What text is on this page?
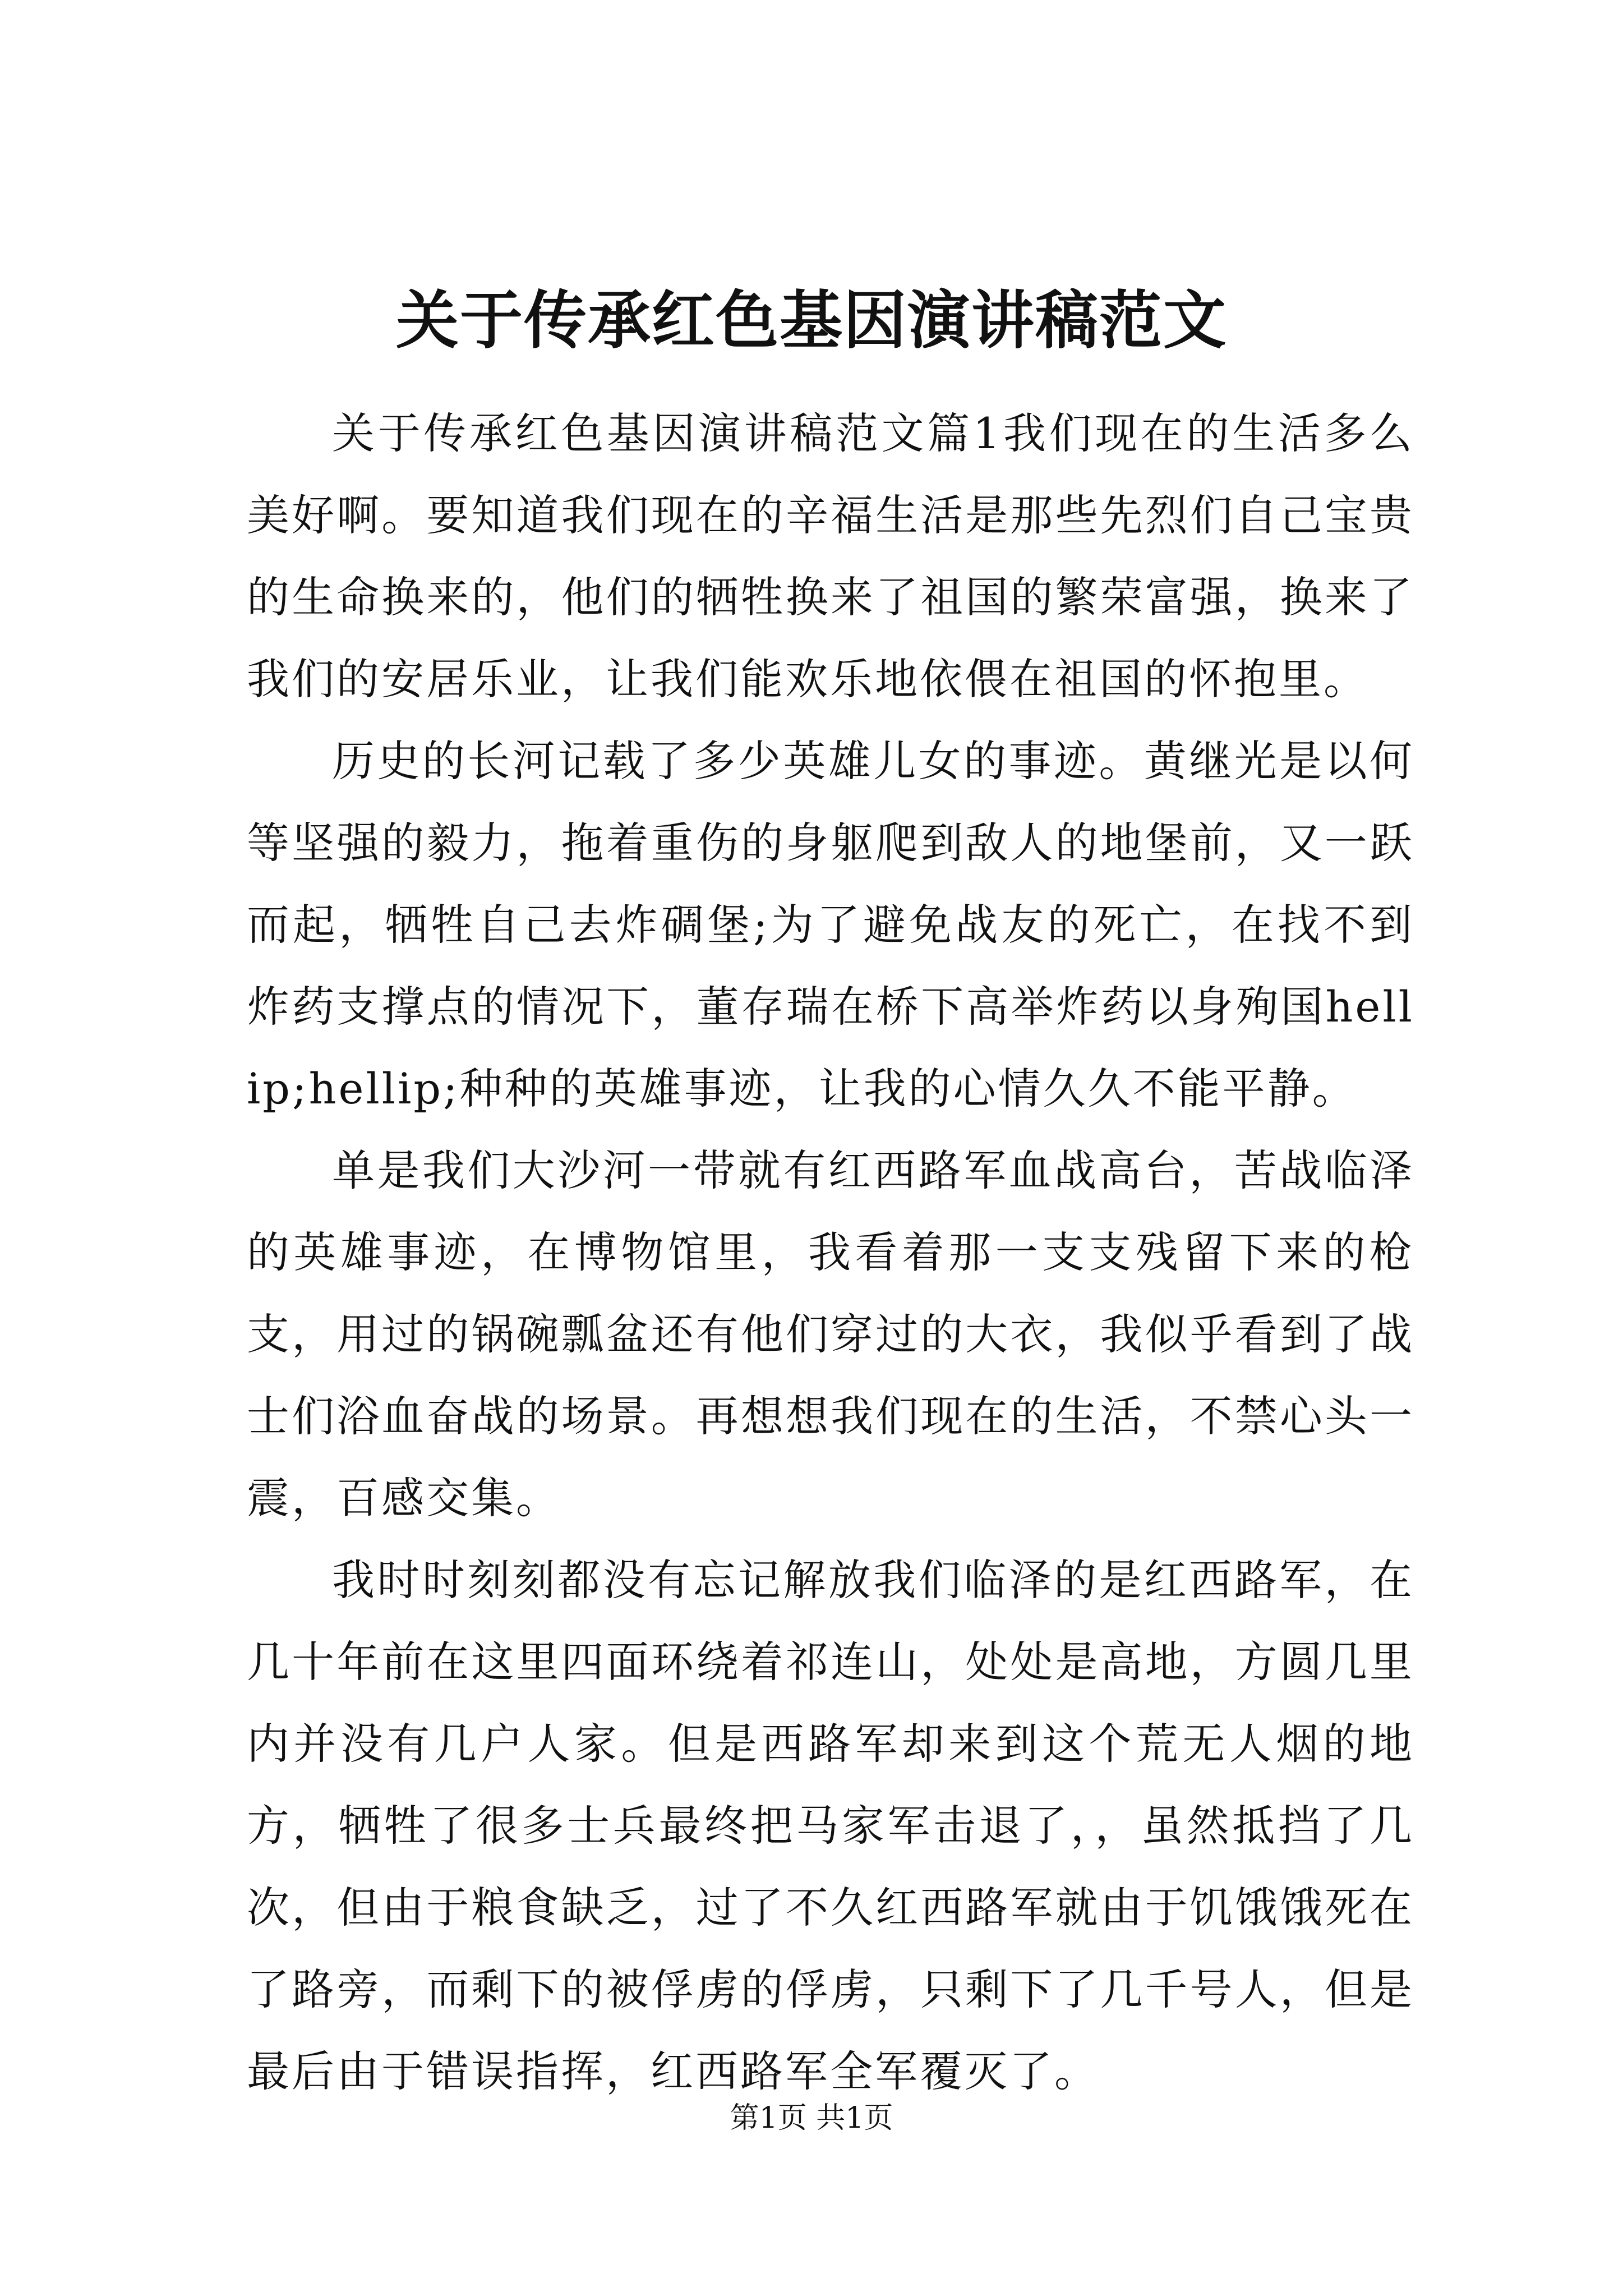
关于传承红色基因演讲稿范文

关于传承红色基因演讲稿范文篇1我们现在的生活多么美好啊。要知道我们现在的辛福生活是那些先烈们自己宝贵的生命换来的，他们的牺牲换来了祖国的繁荣富强，换来了我们的安居乐业，让我们能欢乐地依偎在祖国的怀抱里。

历史的长河记载了多少英雄儿女的事迹。黄继光是以何等坚强的毅力，拖着重伤的身躯爬到敌人的地堡前，又一跃而起，牺牲自己去炸碉堡;为了避免战友的死亡，在找不到炸药支撑点的情况下，董存瑞在桥下高举炸药以身殉国hellip;hellip;种种的英雄事迹，让我的心情久久不能平静。

单是我们大沙河一带就有红西路军血战高台，苦战临泽的英雄事迹，在博物馆里，我看着那一支支残留下来的枪支，用过的锅碗瓢盆还有他们穿过的大衣，我似乎看到了战士们浴血奋战的场景。再想想我们现在的生活，不禁心头一震，百感交集。

我时时刻刻都没有忘记解放我们临泽的是红西路军，在几十年前在这里四面环绕着祁连山，处处是高地，方圆几里内并没有几户人家。但是西路军却来到这个荒无人烟的地方，牺牲了很多士兵最终把马家军击退了，，虽然抵挡了几次，但由于粮食缺乏，过了不久红西路军就由于饥饿饿死在了路旁，而剩下的被俘虏的俘虏，只剩下了几千号人，但是最后由于错误指挥，红西路军全军覆灭了。

第1页 共1页
